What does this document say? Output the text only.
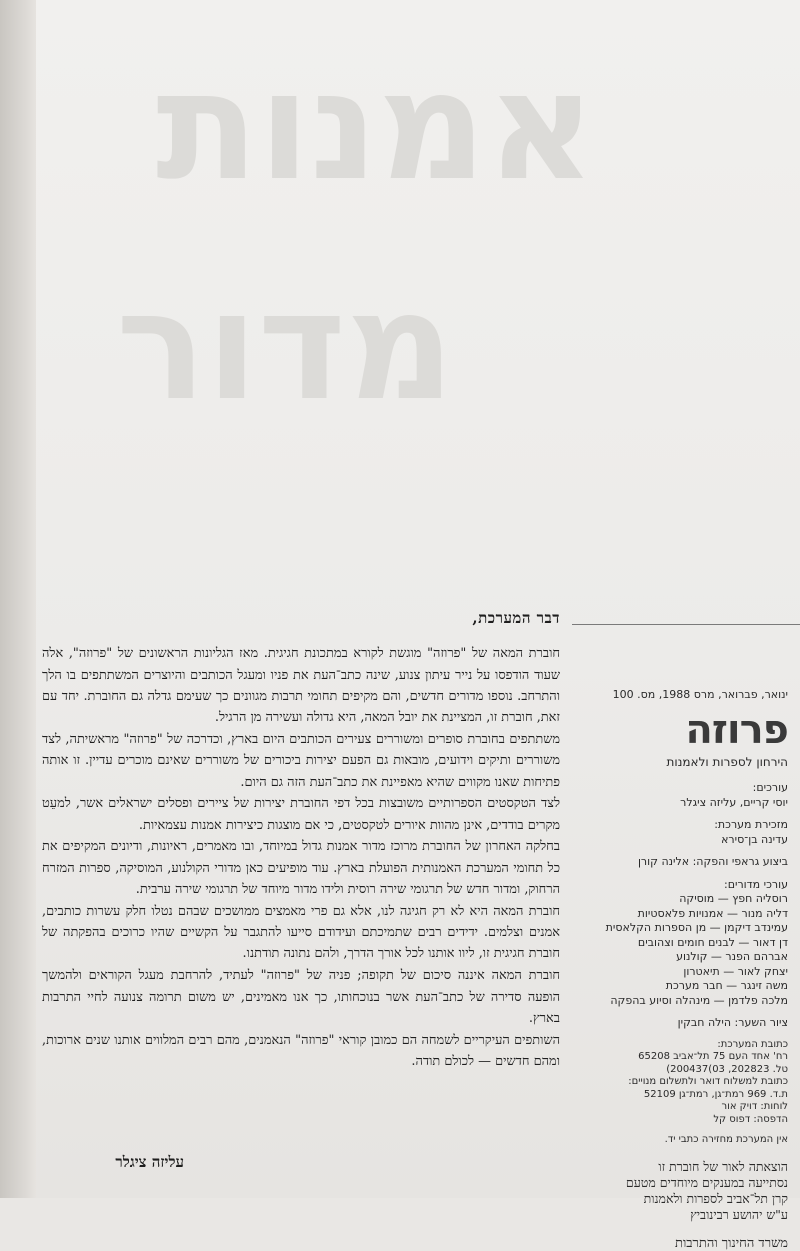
אמנות
מדור
דבר המערכת,

חוברת המאה של "פרוזה" מוגשת לקורא במתכונת חגיגית. מאז הגליונות הראשונים של "פרוזה", אלה שעוד הודפסו על נייר עיתון צנוע, שינה כתב־העת את פניו ומעגל הכותבים והיוצרים המשתתפים בו הלך והתרחב. נוספו מדורים חדשים, והם מקיפים תחומי תרבות מגוונים כך שעימם גדלה גם החוברת. יחד עם זאת, חוברת זו, המציינת את יובל המאה, היא גדולה ועשירה מן הרגיל.

משתתפים בחוברת סופרים ומשוררים צעירים הכותבים היום בארץ, וכדרכה של "פרוזה" מראשיתה, לצד משוררים ותיקים וידועים, מובאות גם הפעם יצירות ביכורים של משוררים שאינם מוכרים עדיין. זו אותה פתיחות שאנו מקווים שהיא מאפיינת את כתב־העת הזה גם היום.

לצד הטקסטים הספרותיים משובצות בכל דפי החוברת יצירות של ציירים ופסלים ישראלים אשר, למעֵט מקרים בודדים, אינן מהוות איורים לטקסטים, כי אם מוצגות כיצירות אמנות עצמאיות.

בחלקה האחרון של החוברת מרוכז מדור אמנות גדול במיוחד, ובו מאמרים, ראיונות, ודיונים המקיפים את כל תחומי המערכת האמנותית הפועלת בארץ. עוד מופיעים כאן מדורי הקולנוע, המוסיקה, ספרות המזרח הרחוק, ומדור חדש של תרגומי שירה רוסית ולידו מדור מיוחד של תרגומי שירה ערבית.

חוברת המאה היא לא רק חגיגה לנו, אלא גם פרי מאמצים ממושכים שבהם נטלו חלק עשרות כותבים, אמנים וצלמים. ידידים רבים שתמיכתם ועידודם סייעו להתגבר על הקשיים שהיו כרוכים בהפקתה של חוברת חגיגית זו, ליוו אותנו לכל אורך הדרך, ולהם נתונה תודתנו.

חוברת המאה איננה סיכום של תקופה; פניה של "פרוזה" לעתיד, להרחבת מעגל הקוראים ולהמשך הופעה סדירה של כתב־העת אשר בנוכחותו, כך אנו מאמינים, יש משום תרומה צנועה לחיי התרבות בארץ.

השותפים העיקריים לשמחה הם כמובן קוראי "פרוזה" הנאמנים, מהם רבים המלווים אותנו שנים ארוכות, ומהם חדשים — לכולם תודה.

עליזה ציגלר
ינואר, פברואר, מרס 1988, מס. 100
פרוזה
הירחון לספרות ולאמנות
עורכים:
יוסי קריים, עליזה ציגלר
מזכירת מערכת:
עדינה בן־סירא
ביצוע גראפי והפקה: אלינה קורן
עורכי מדורים:
רוסליה חפץ — מוסיקה
דליה מנור — אמנויות פלאסטיות
עמינדב דיקמן — מן הספרות הקלאסית
דן דאור — לבנים חומים וצהובים
אברהם הפנר — קולנוע
יצחק לאור — תיאטרון
משה זינגר — חבר מערכת
מלכה פלדמן — מינהלה וסיוע בהפקה
ציור השער: הילה חבקין
כתובת המערכת:
רח' אחד העם 75 תל־אביב 65208
טל. 202823, 03)200437)
כתובת למשלוח דואר ולתשלום מנויים:
ת.ד. 969 רמת־גן, רמת־גן 52109
לוחות: דויק אור
הדפסה: דפוס קל
אין המערכת מחזירה כתבי יד.
הוצאתה לאור של חוברת זו
נסתייעה במענקים מיוחדים מטעם
קרן תל־אביב לספרות ולאמנות
ע"ש יהושע רבינוביץ
משרד החינוך והתרבות
